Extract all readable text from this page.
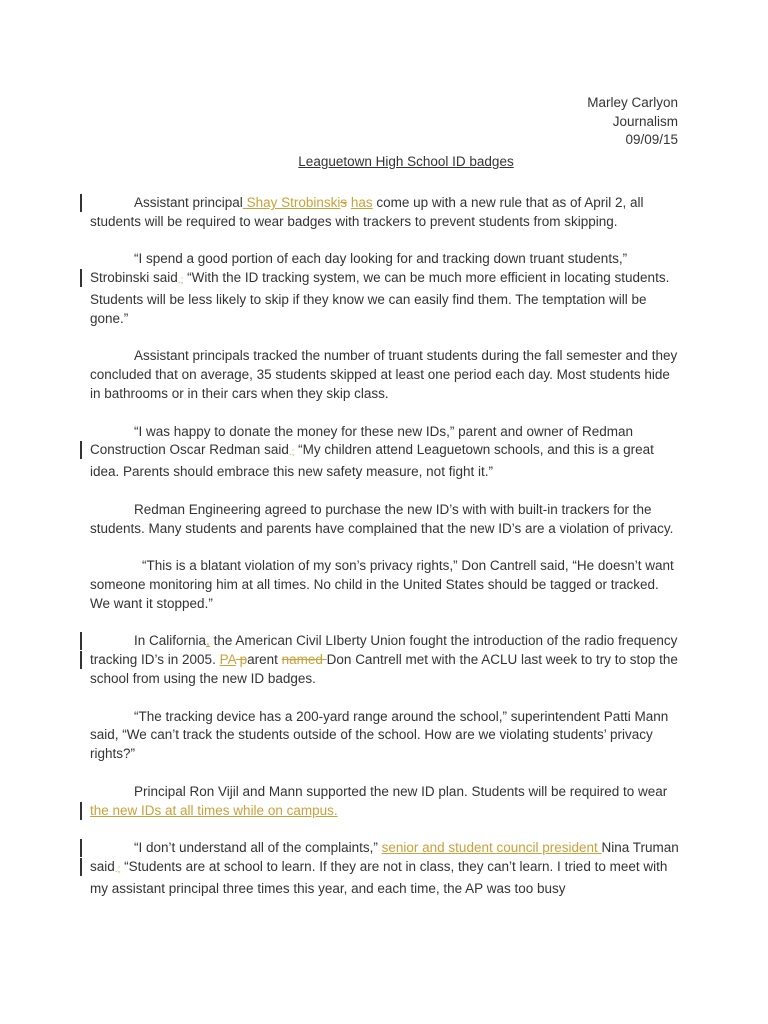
Marley Carlyon
Journalism
09/09/15
Leaguetown High School ID badges

Assistant principal Shay Strobinskis has come up with a new rule that as of April 2, all students will be required to wear badges with trackers to prevent students from skipping.

“I spend a good portion of each day looking for and tracking down truant students,” Strobinski said.; “With the ID tracking system, we can be much more efficient in locating students. Students will be less likely to skip if they know we can easily find them. The temptation will be gone.”

Assistant principals tracked the number of truant students during the fall semester and they concluded that on average, 35 students skipped at least one period each day. Most students hide in bathrooms or in their cars when they skip class.

“I was happy to donate the money for these new IDs,” parent and owner of Redman Construction Oscar Redman said.; “My children attend Leaguetown schools, and this is a great idea. Parents should embrace this new safety measure, not fight it.”

Redman Engineering agreed to purchase the new ID’s with with built-in trackers for the students. Many students and parents have complained that the new ID’s are a violation of privacy.

“This is a blatant violation of my son’s privacy rights,” Don Cantrell said, “He doesn’t want someone monitoring him at all times. No child in the United States should be tagged or tracked. We want it stopped.”

In California, the American Civil LIberty Union fought the introduction of the radio frequency tracking ID’s in 2005. PA parent named Don Cantrell met with the ACLU last week to try to stop the school from using the new ID badges.

“The tracking device has a 200-yard range around the school,” superintendent Patti Mann said, “We can’t track the students outside of the school. How are we violating students’ privacy rights?”

Principal Ron Vijil and Mann supported the new ID plan. Students will be required to wear the new IDs at all times while on campus.

“I don’t understand all of the complaints,” senior and student council president Nina Truman said.; “Students are at school to learn. If they are not in class, they can’t learn. I tried to meet with my assistant principal three times this year, and each time, the AP was too busy
